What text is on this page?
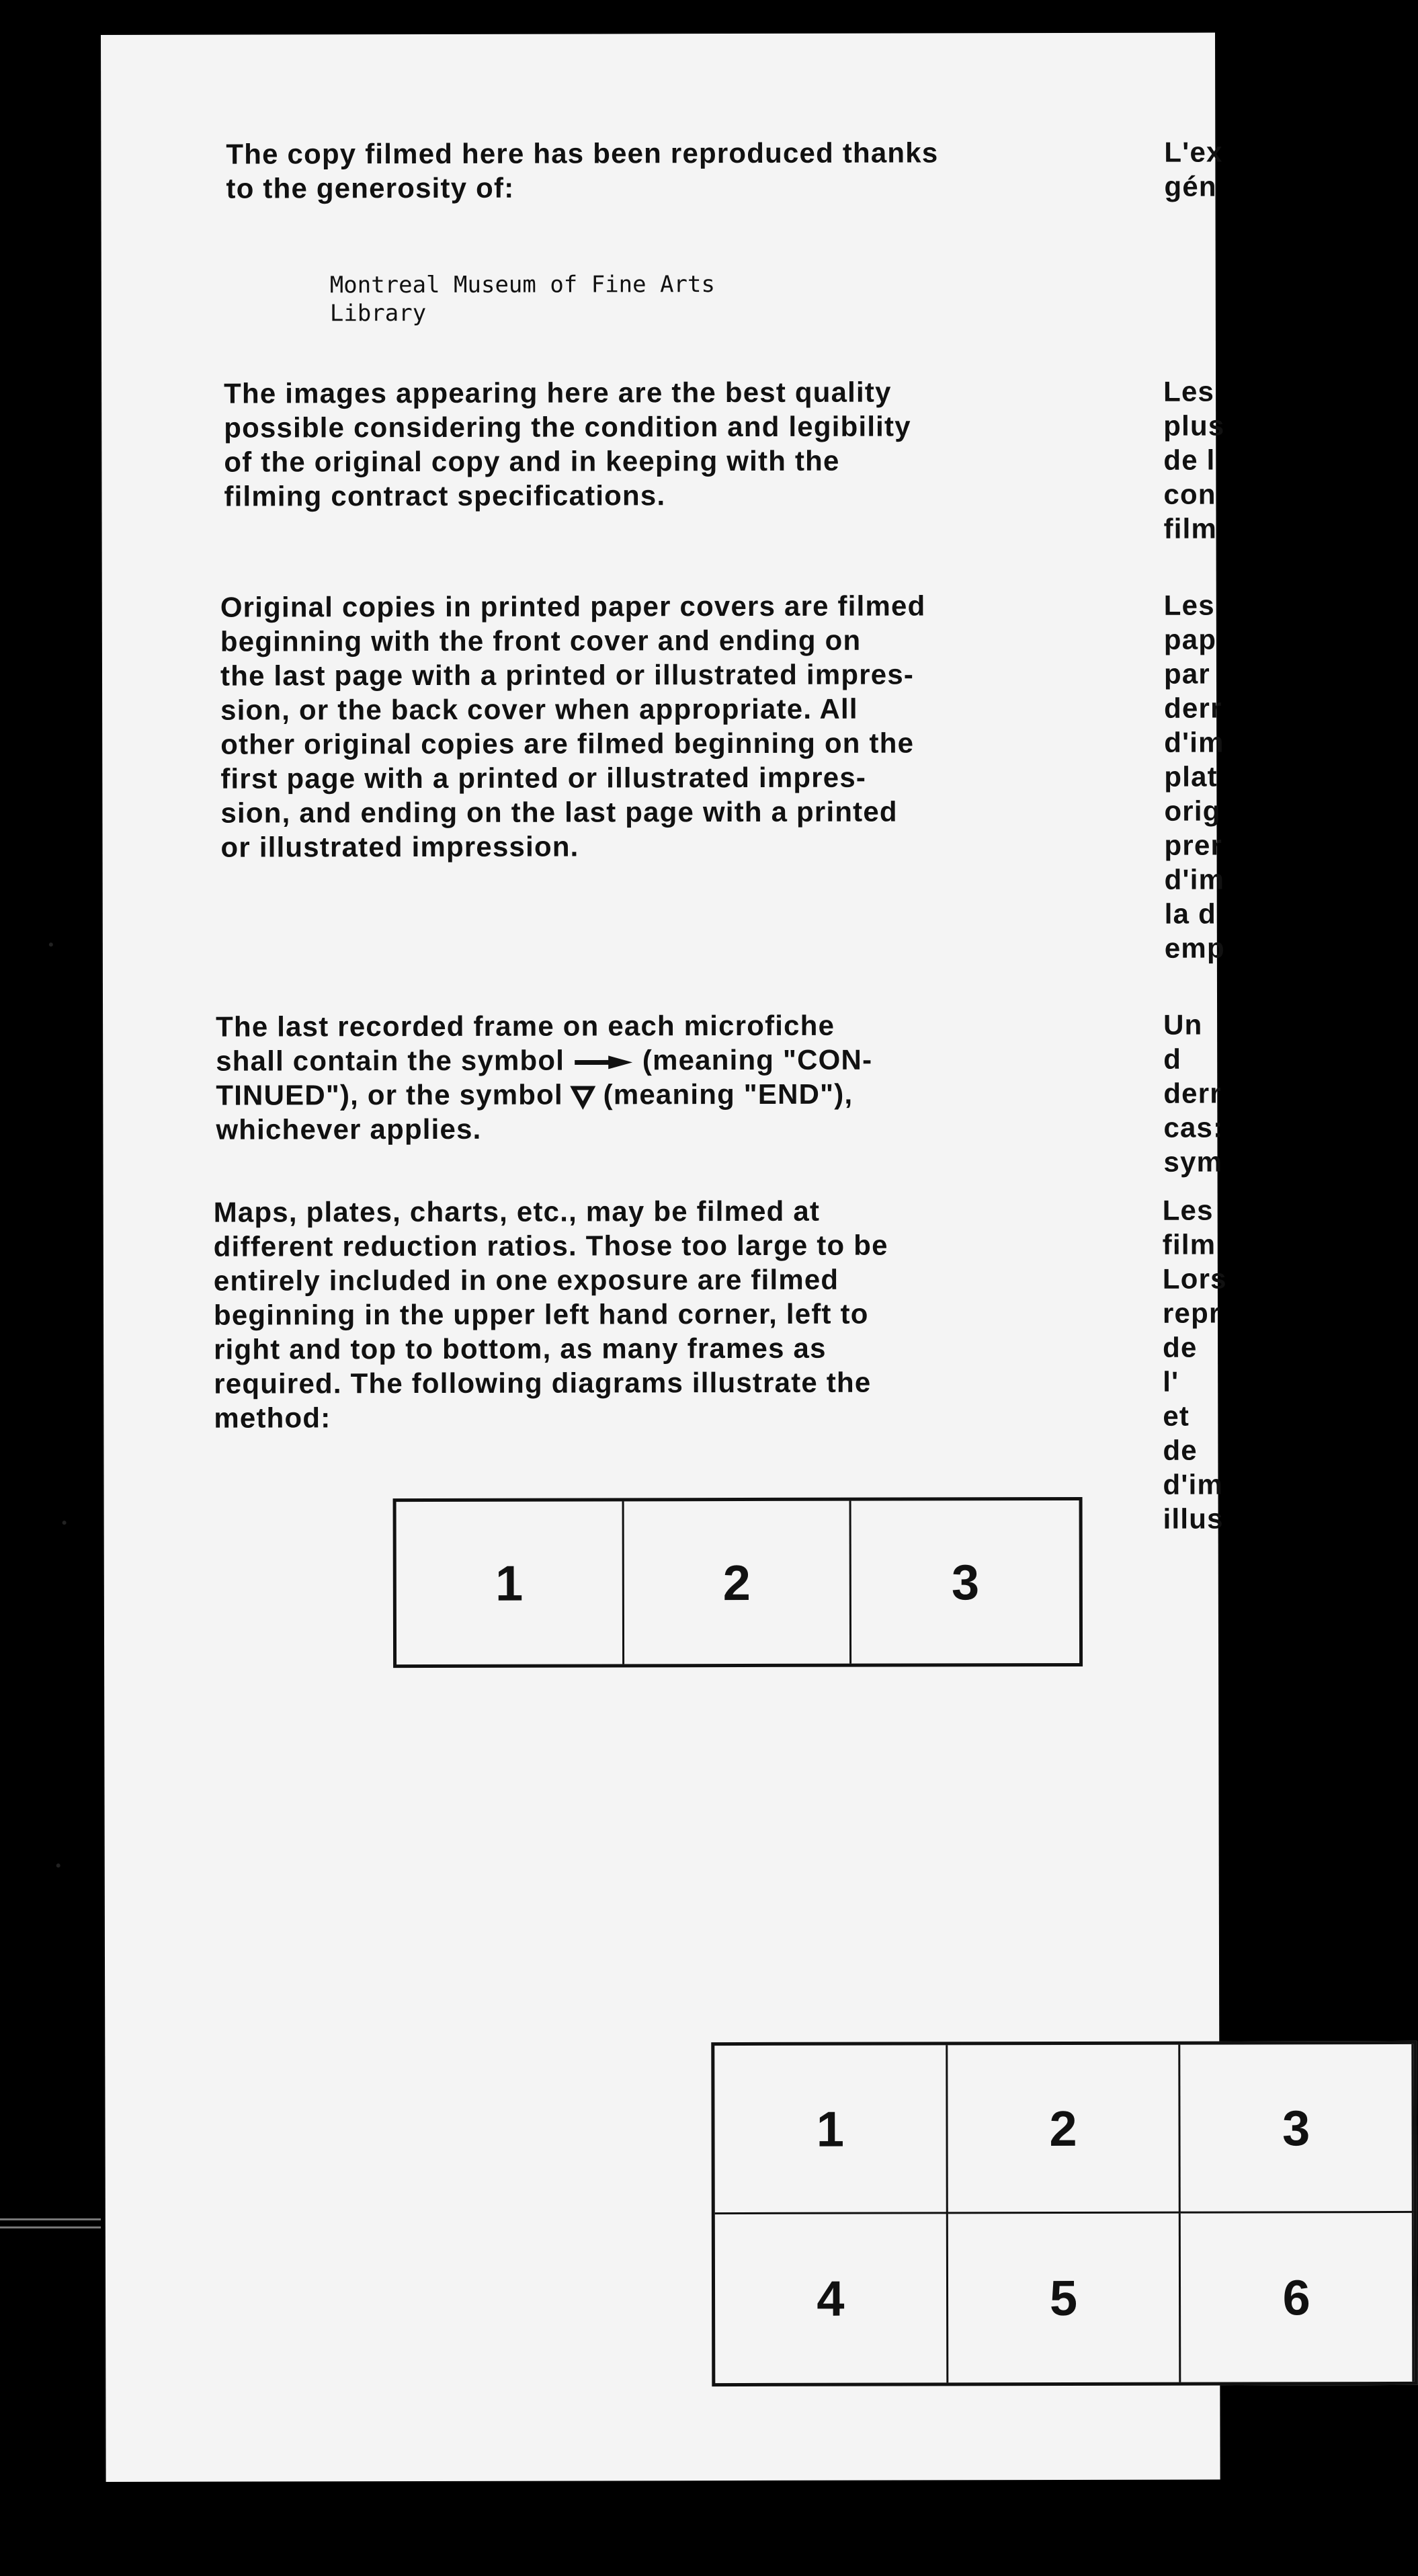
The copy filmed here has been reproduced thanks
to the generosity of:

Montreal Museum of Fine Arts
Library

The images appearing here are the best quality
possible considering the condition and legibility
of the original copy and in keeping with the
filming contract specifications.

Original copies in printed paper covers are filmed
beginning with the front cover and ending on
the last page with a printed or illustrated impres-
sion, or the back cover when appropriate. All
other original copies are filmed beginning on the
first page with a printed or illustrated impres-
sion, and ending on the last page with a printed
or illustrated impression.

The last recorded frame on each microfiche
shall contain the symbol	(meaning "CON-
TINUED"), or the symbol (meaning "END"),
whichever applies.

Maps, plates, charts, etc., may be filmed at
different reduction ratios. Those too large to be
entirely included in one exposure are filmed
beginning in the upper left hand corner, left to
right and top to bottom, as many frames as
required. The following diagrams illustrate the
method:

1	2	3
1	2	3
4	5	6

L'ex
gén

Les
plus
de l
con
film

Les
pap
par
derr
d'im
plat
orig
prer
d'im
la d
emp

Un d
derr
cas:
sym

Les
film
Lors
repr
de l'
et de
d'im
illus
